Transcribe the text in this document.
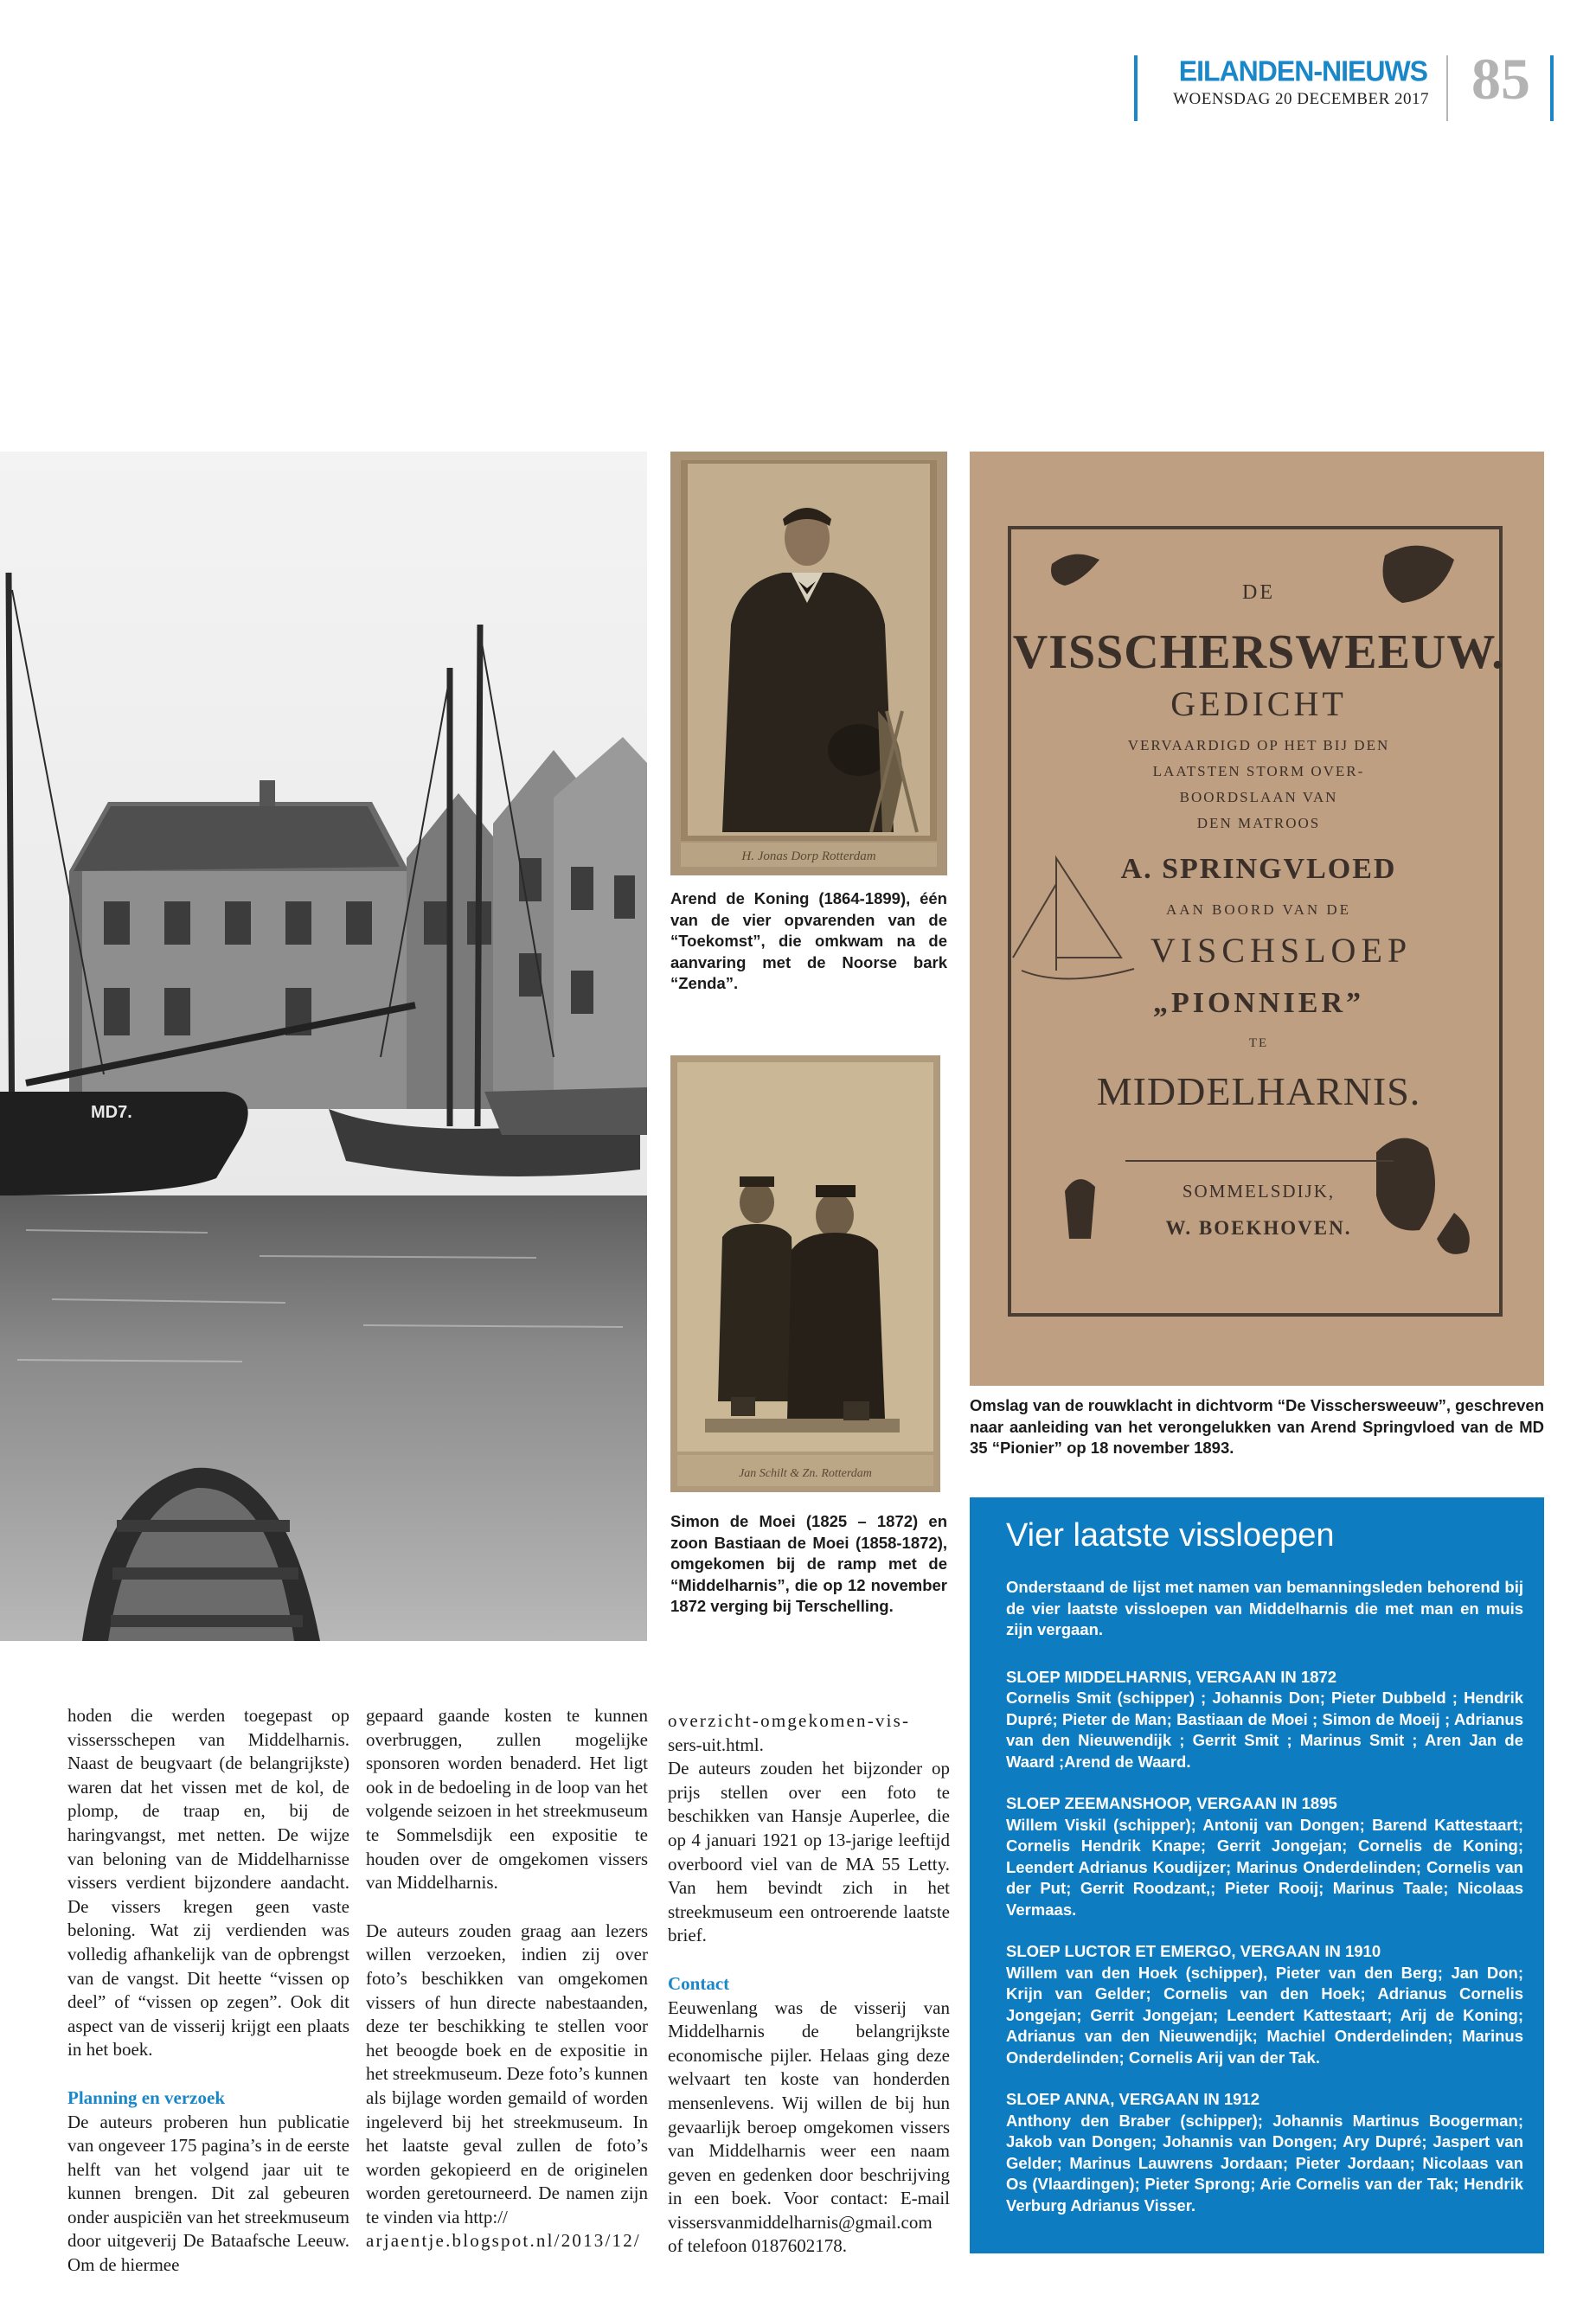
EILANDEN-NIEUWS
WOENSDAG 20 DECEMBER 2017 85
MD7.
H. Jonas Dorp Rotterdam

Arend de Koning (1864-1899), één van de vier opvarenden van de “Toekomst”, die omkwam na de aanvaring met de Noorse bark “Zenda”.

Jan Schilt & Zn. Rotterdam

Simon de Moei (1825 – 1872) en zoon Bastiaan de Moei (1858-1872), omgekomen bij de ramp met de “Middelharnis”, die op 12 november 1872 verging bij Terschelling.

DE
VISSCHERSWEEUW.
GEDICHT
VERVAARDIGD OP HET BIJ DEN
LAATSTEN STORM OVER-
BOORDSLAAN VAN
DEN MATROOS
A. SPRINGVLOED
AAN BOORD VAN DE
VISCHSLOEP
„PIONNIER”
TE
MIDDELHARNIS.
SOMMELSDIJK,
W. BOEKHOVEN.

Omslag van de rouwklacht in dichtvorm “De Visschersweeuw”, geschreven naar aanleiding van het verongelukken van Arend Springvloed van de MD 35 “Pionier” op 18 november 1893.

hoden die werden toegepast op vissersschepen van Middelharnis. Naast de beugvaart (de belangrijkste) waren dat het vissen met de kol, de plomp, de traap en, bij de haringvangst, met netten. De wijze van beloning van de Middelharnisse vissers verdient bijzondere aandacht. De vissers kregen geen vaste beloning. Wat zij verdienden was volledig afhankelijk van de opbrengst van de vangst. Dit heette “vissen op deel” of “vissen op zegen”. Ook dit aspect van de visserij krijgt een plaats in het boek.

Planning en verzoek

De auteurs proberen hun publicatie van ongeveer 175 pagina’s in de eerste helft van het volgend jaar uit te kunnen brengen. Dit zal gebeuren onder auspiciën van het streekmuseum door uitgeverij De Bataafsche Leeuw. Om de hiermee

gepaard gaande kosten te kunnen overbruggen, zullen mogelijke sponsoren worden benaderd. Het ligt ook in de bedoeling in de loop van het volgende seizoen in het streekmuseum te Sommelsdijk een expositie te houden over de omgekomen vissers van Middelharnis.

De auteurs zouden graag aan lezers willen verzoeken, indien zij over foto’s beschikken van omgekomen vissers of hun directe nabestaanden, deze ter beschikking te stellen voor het beoogde boek en de expositie in het streekmuseum. Deze foto’s kunnen als bijlage worden gemaild of worden ingeleverd bij het streekmuseum. In het laatste geval zullen de foto’s worden gekopieerd en de originelen worden geretourneerd. De namen zijn te vinden via http://

arjaentje.blogspot.nl/2013/12/

overzicht-omgekomen-vis-

sers-uit.html.

De auteurs zouden het bijzonder op prijs stellen over een foto te beschikken van Hansje Auperlee, die op 4 januari 1921 op 13-jarige leeftijd overboord viel van de MA 55 Letty. Van hem bevindt zich in het streekmuseum een ontroerende laatste brief.

Contact

Eeuwenlang was de visserij van Middelharnis de belangrijkste economische pijler. Helaas ging deze welvaart ten koste van honderden mensenlevens. Wij willen de bij hun gevaarlijk beroep omgekomen vissers van Middelharnis weer een naam geven en gedenken door beschrijving in een boek. Voor contact: E-mail vissersvanmiddelharnis@gmail.com of telefoon 0187602178.

Vier laatste vissloepen

Onderstaand de lijst met namen van bemanningsleden behorend bij de vier laatste vissloepen van Middelharnis die met man en muis zijn vergaan.

SLOEP MIDDELHARNIS, VERGAAN IN 1872

Cornelis Smit (schipper) ; Johannis Don; Pieter Dubbeld ; Hendrik Dupré; Pieter de Man; Bastiaan de Moei ; Simon de Moeij ; Adrianus van den Nieuwendijk ; Gerrit Smit ; Marinus Smit ; Aren Jan de Waard ;Arend de Waard.

SLOEP ZEEMANSHOOP, VERGAAN IN 1895

Willem Viskil (schipper); Antonij van Dongen; Barend Kattestaart; Cornelis Hendrik Knape; Gerrit Jongejan; Cornelis de Koning; Leendert Adrianus Koudijzer; Marinus Onderdelinden; Cornelis van der Put; Gerrit Roodzant,; Pieter Rooij; Marinus Taale; Nicolaas Vermaas.

SLOEP LUCTOR ET EMERGO, VERGAAN IN 1910

Willem van den Hoek (schipper), Pieter van den Berg; Jan Don; Krijn van Gelder; Cornelis van den Hoek; Adrianus Cornelis Jongejan; Gerrit Jongejan; Leendert Kattestaart; Arij de Koning; Adrianus van den Nieuwendijk; Machiel Onderdelinden; Marinus Onderdelinden; Cornelis Arij van der Tak.

SLOEP ANNA, VERGAAN IN 1912

Anthony den Braber (schipper); Johannis Martinus Boogerman; Jakob van Dongen; Johannis van Dongen; Ary Dupré; Jaspert van Gelder; Marinus Lauwrens Jordaan; Pieter Jordaan; Nicolaas van Os (Vlaardingen); Pieter Sprong; Arie Cornelis van der Tak; Hendrik Verburg Adrianus Visser.
